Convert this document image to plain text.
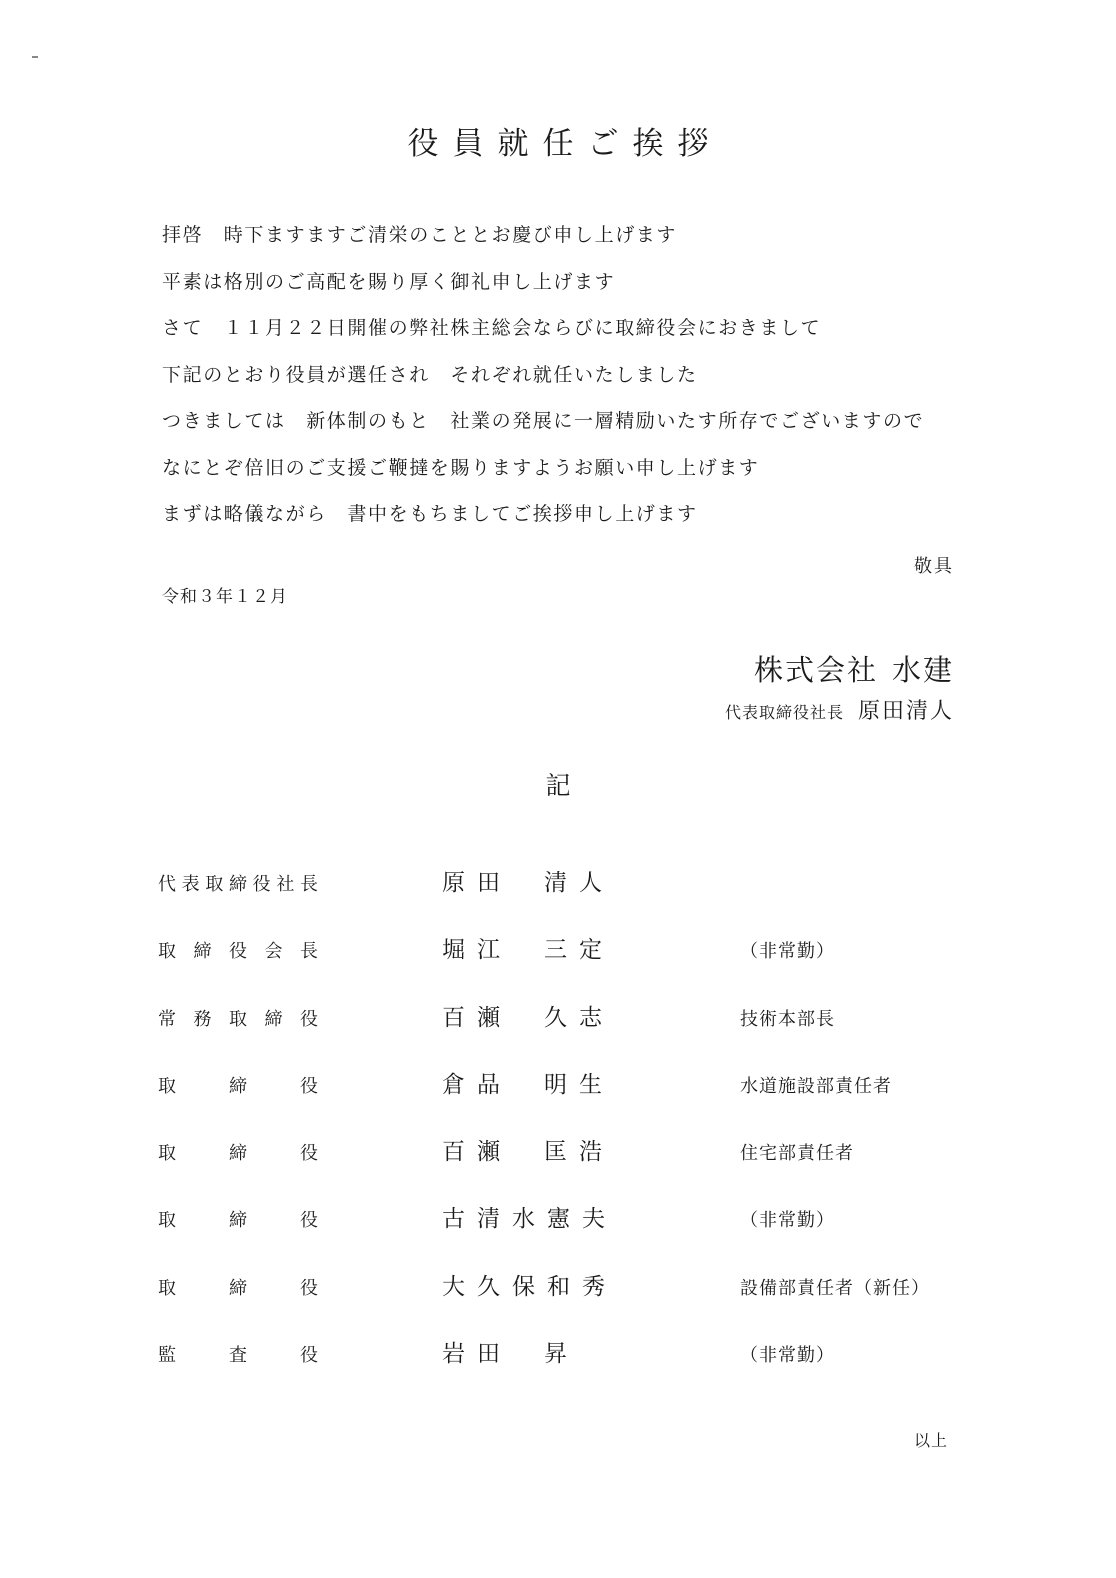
役員就任ご挨拶
拝啓　時下ますますご清栄のこととお慶び申し上げます
平素は格別のご高配を賜り厚く御礼申し上げます
さて　１１月２２日開催の弊社株主総会ならびに取締役会におきまして
下記のとおり役員が選任され　それぞれ就任いたしました
つきましては　新体制のもと　社業の発展に一層精励いたす所存でございますので
なにとぞ倍旧のご支援ご鞭撻を賜りますようお願い申し上げます
まずは略儀ながら　書中をもちましてご挨拶申し上げます
敬具
令和３年１２月
株式会社 水建
代表取締役社長 原田清人
記
代表取締役社長	原田 清人
取締役会長	堀江 三定	（非常勤）
常務取締役	百瀬 久志	技術本部長
取締役	倉品 明生	水道施設部責任者
取締役	百瀬 匡浩	住宅部責任者
取締役	古清水憲夫	（非常勤）
取締役	大久保和秀	設備部責任者（新任）
監査役	岩田 昇	（非常勤）
以上
